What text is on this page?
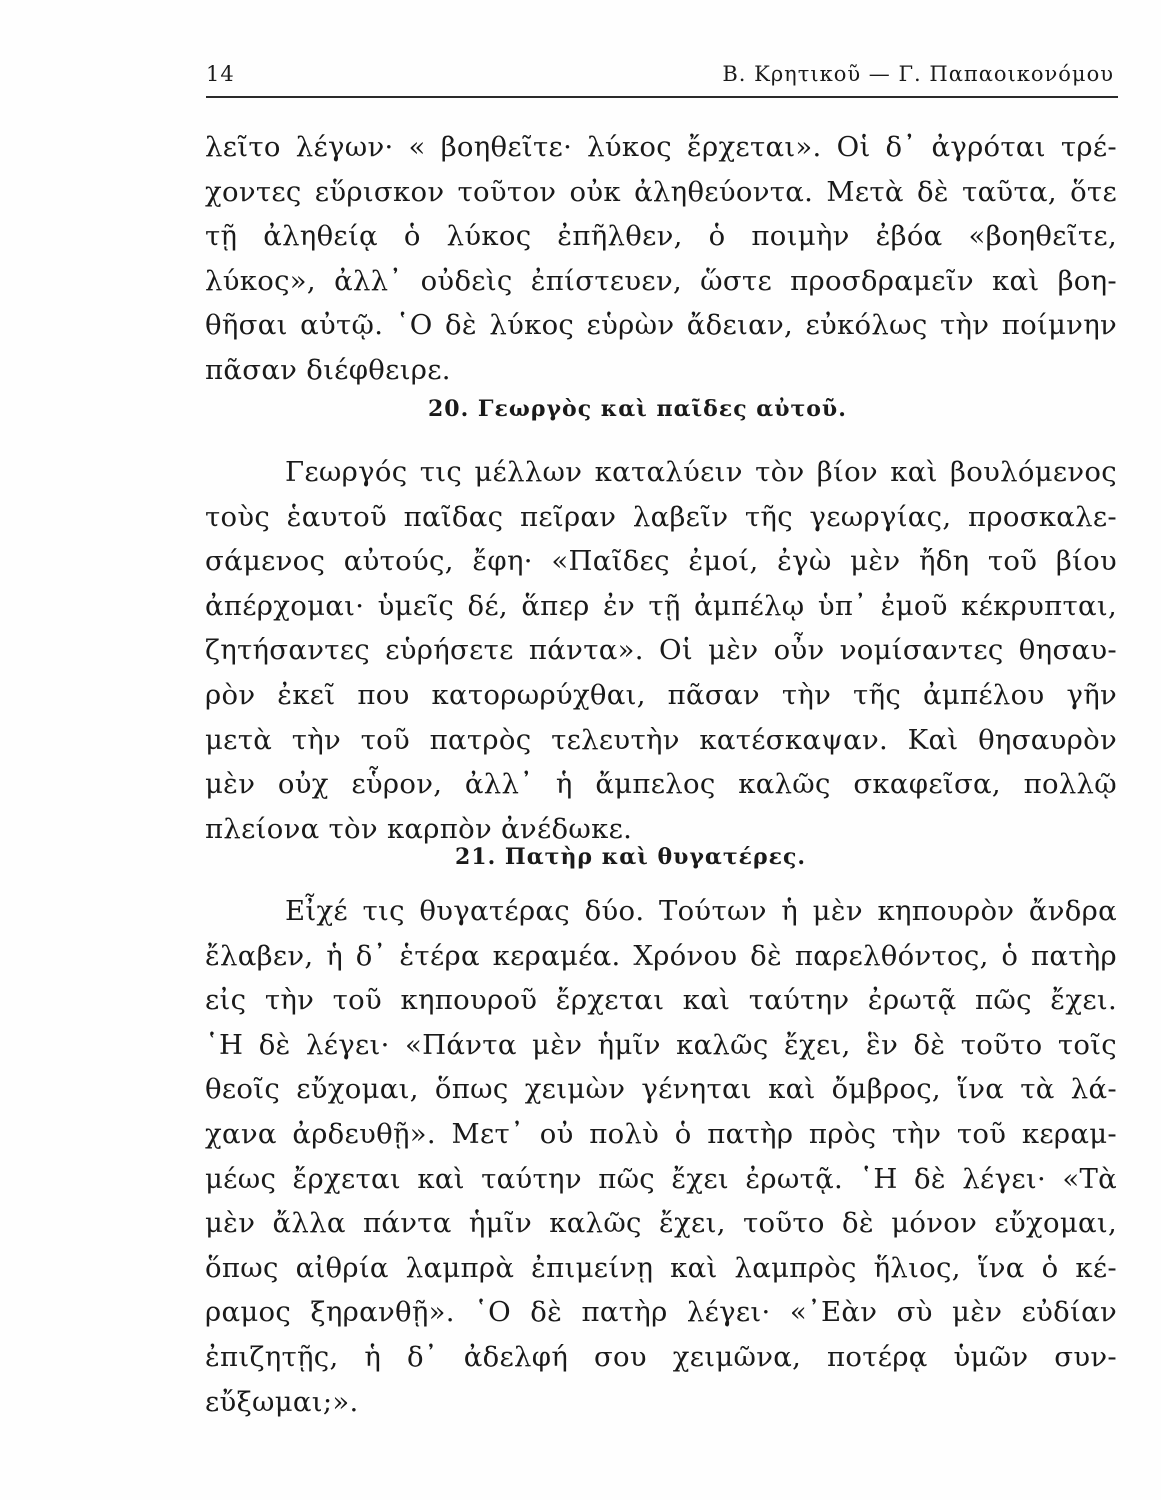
14	Β. Κρητικοῦ — Γ. Παπαοικονόμου
λεῖτο λέγων· « βοηθεῖτε· λύκος ἔρχεται». Οἱ δ᾿ ἀγρόται τρέ-
χοντες εὕρισκον τοῦτον οὐκ ἀληθεύοντα. Μετὰ δὲ ταῦτα, ὅτε
τῇ ἀληθείᾳ ὁ λύκος ἐπῆλθεν, ὁ ποιμὴν ἐβόα «βοηθεῖτε,
λύκος», ἀλλ᾿ οὐδεὶς ἐπίστευεν, ὥστε προσδραμεῖν καὶ βοη-
θῆσαι αὐτῷ. ῾Ο δὲ λύκος εὑρὼν ἄδειαν, εὐκόλως τὴν ποίμνην
πᾶσαν διέφθειρε.
20. Γεωργὸς καὶ παῖδες αὐτοῦ.
Γεωργός τις μέλλων καταλύειν τὸν βίον καὶ βουλόμενος
τοὺς ἑαυτοῦ παῖδας πεῖραν λαβεῖν τῆς γεωργίας, προσκαλε-
σάμενος αὐτούς, ἔφη· «Παῖδες ἐμοί, ἐγὼ μὲν ἤδη τοῦ βίου
ἀπέρχομαι· ὑμεῖς δέ, ἅπερ ἐν τῇ ἀμπέλῳ ὑπ᾿ ἐμοῦ κέκρυπται,
ζητήσαντες εὑρήσετε πάντα». Οἱ μὲν οὖν νομίσαντες θησαυ-
ρὸν ἐκεῖ που κατορωρύχθαι, πᾶσαν τὴν τῆς ἀμπέλου γῆν
μετὰ τὴν τοῦ πατρὸς τελευτὴν κατέσκαψαν. Καὶ θησαυρὸν
μὲν οὐχ εὗρον, ἀλλ᾿ ἡ ἄμπελος καλῶς σκαφεῖσα, πολλῷ
πλείονα τὸν καρπὸν ἀνέδωκε.
21. Πατὴρ καὶ θυγατέρες.
Εἶχέ τις θυγατέρας δύο. Τούτων ἡ μὲν κηπουρὸν ἄνδρα
ἔλαβεν, ἡ δ᾿ ἑτέρα κεραμέα. Χρόνου δὲ παρελθόντος, ὁ πατὴρ
εἰς τὴν τοῦ κηπουροῦ ἔρχεται καὶ ταύτην ἐρωτᾷ πῶς ἔχει.
῾Η δὲ λέγει· «Πάντα μὲν ἡμῖν καλῶς ἔχει, ἓν δὲ τοῦτο τοῖς
θεοῖς εὔχομαι, ὅπως χειμὼν γένηται καὶ ὄμβρος, ἵνα τὰ λά-
χανα ἀρδευθῇ». Μετ᾿ οὐ πολὺ ὁ πατὴρ πρὸς τὴν τοῦ κεραμ-
μέως ἔρχεται καὶ ταύτην πῶς ἔχει ἐρωτᾷ. ῾Η δὲ λέγει· «Τὰ
μὲν ἄλλα πάντα ἡμῖν καλῶς ἔχει, τοῦτο δὲ μόνον εὔχομαι,
ὅπως αἰθρία λαμπρὰ ἐπιμείνῃ καὶ λαμπρὸς ἥλιος, ἵνα ὁ κέ-
ραμος ξηρανθῇ». ῾Ο δὲ πατὴρ λέγει· «᾿Εὰν σὺ μὲν εὐδίαν
ἐπιζητῇς, ἡ δ᾿ ἀδελφή σου χειμῶνα, ποτέρᾳ ὑμῶν συν-
εὔξωμαι;».
